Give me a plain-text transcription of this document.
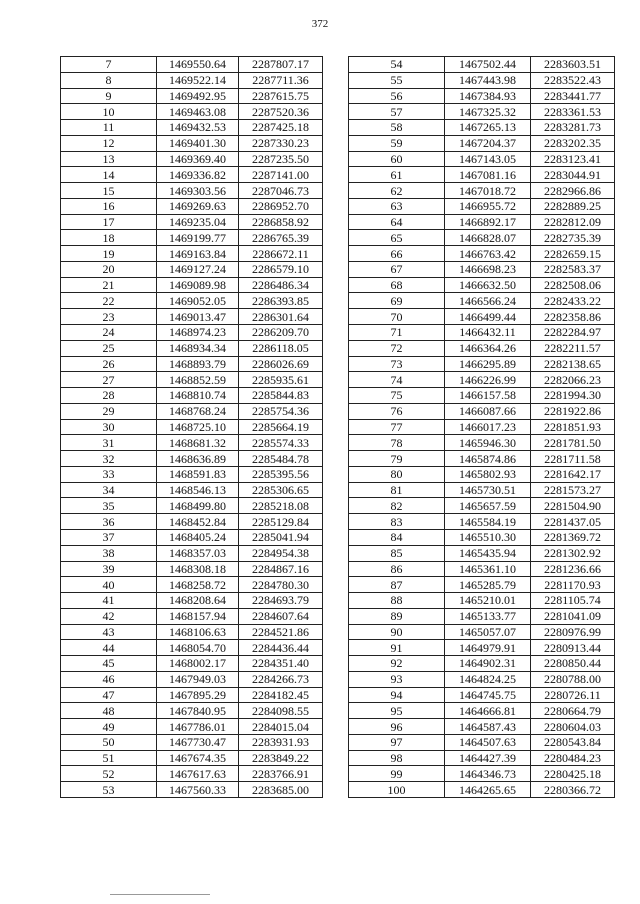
372
7	1469550.64	2287807.17
8	1469522.14	2287711.36
9	1469492.95	2287615.75
10	1469463.08	2287520.36
11	1469432.53	2287425.18
12	1469401.30	2287330.23
13	1469369.40	2287235.50
14	1469336.82	2287141.00
15	1469303.56	2287046.73
16	1469269.63	2286952.70
17	1469235.04	2286858.92
18	1469199.77	2286765.39
19	1469163.84	2286672.11
20	1469127.24	2286579.10
21	1469089.98	2286486.34
22	1469052.05	2286393.85
23	1469013.47	2286301.64
24	1468974.23	2286209.70
25	1468934.34	2286118.05
26	1468893.79	2286026.69
27	1468852.59	2285935.61
28	1468810.74	2285844.83
29	1468768.24	2285754.36
30	1468725.10	2285664.19
31	1468681.32	2285574.33
32	1468636.89	2285484.78
33	1468591.83	2285395.56
34	1468546.13	2285306.65
35	1468499.80	2285218.08
36	1468452.84	2285129.84
37	1468405.24	2285041.94
38	1468357.03	2284954.38
39	1468308.18	2284867.16
40	1468258.72	2284780.30
41	1468208.64	2284693.79
42	1468157.94	2284607.64
43	1468106.63	2284521.86
44	1468054.70	2284436.44
45	1468002.17	2284351.40
46	1467949.03	2284266.73
47	1467895.29	2284182.45
48	1467840.95	2284098.55
49	1467786.01	2284015.04
50	1467730.47	2283931.93
51	1467674.35	2283849.22
52	1467617.63	2283766.91
53	1467560.33	2283685.00
54	1467502.44	2283603.51
55	1467443.98	2283522.43
56	1467384.93	2283441.77
57	1467325.32	2283361.53
58	1467265.13	2283281.73
59	1467204.37	2283202.35
60	1467143.05	2283123.41
61	1467081.16	2283044.91
62	1467018.72	2282966.86
63	1466955.72	2282889.25
64	1466892.17	2282812.09
65	1466828.07	2282735.39
66	1466763.42	2282659.15
67	1466698.23	2282583.37
68	1466632.50	2282508.06
69	1466566.24	2282433.22
70	1466499.44	2282358.86
71	1466432.11	2282284.97
72	1466364.26	2282211.57
73	1466295.89	2282138.65
74	1466226.99	2282066.23
75	1466157.58	2281994.30
76	1466087.66	2281922.86
77	1466017.23	2281851.93
78	1465946.30	2281781.50
79	1465874.86	2281711.58
80	1465802.93	2281642.17
81	1465730.51	2281573.27
82	1465657.59	2281504.90
83	1465584.19	2281437.05
84	1465510.30	2281369.72
85	1465435.94	2281302.92
86	1465361.10	2281236.66
87	1465285.79	2281170.93
88	1465210.01	2281105.74
89	1465133.77	2281041.09
90	1465057.07	2280976.99
91	1464979.91	2280913.44
92	1464902.31	2280850.44
93	1464824.25	2280788.00
94	1464745.75	2280726.11
95	1464666.81	2280664.79
96	1464587.43	2280604.03
97	1464507.63	2280543.84
98	1464427.39	2280484.23
99	1464346.73	2280425.18
100	1464265.65	2280366.72
